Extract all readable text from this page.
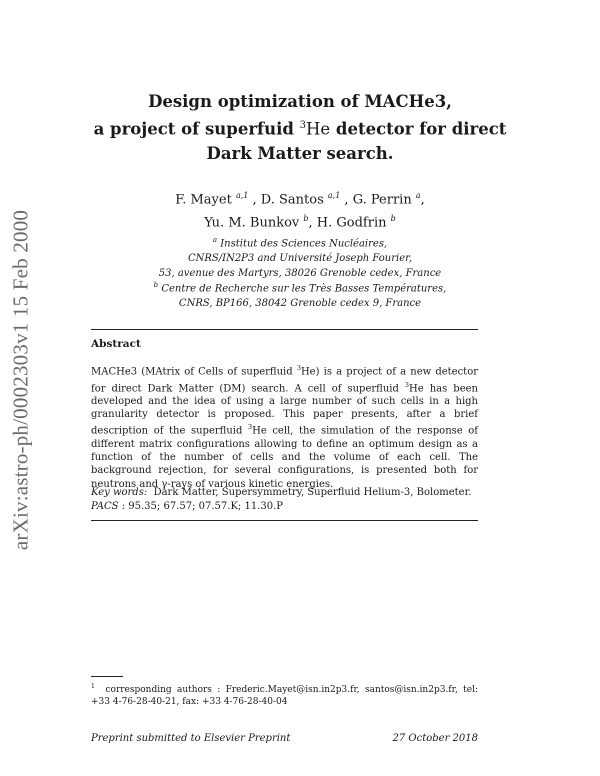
arXiv:astro-ph/0002303v1 15 Feb 2000
Design optimization of MACHe3,
a project of superfuid $^3$He detector for direct
Dark Matter search.
F. Mayet $^{a,1}$ , D. Santos $^{a,1}$ , G. Perrin $^a$,
Yu. M. Bunkov $^b$, H. Godfrin $^b$
$^a$ Institut des Sciences Nucléaires,
CNRS/IN2P3 and Université Joseph Fourier,
53, avenue des Martyrs, 38026 Grenoble cedex, France
$^b$ Centre de Recherche sur les Très Basses Températures,
CNRS, BP166, 38042 Grenoble cedex 9, France
Abstract
MACHe3 (MAtrix of Cells of superfluid $^3$He) is a project of a new detector for direct Dark Matter (DM) search. A cell of superfluid $^3$He has been developed and the idea of using a large number of such cells in a high granularity detector is proposed. This paper presents, after a brief description of the superfluid $^3$He cell, the simulation of the response of different matrix configurations allowing to define an optimum design as a function of the number of cells and the volume of each cell. The background rejection, for several configurations, is presented both for neutrons and γ-rays of various kinetic energies.
Key words: Dark Matter, Supersymmetry, Superfluid Helium-3, Bolometer.
PACS : 95.35; 67.57; 07.57.K; 11.30.P
$^1$ corresponding authors : Frederic.Mayet@isn.in2p3.fr, santos@isn.in2p3.fr, tel: +33 4-76-28-40-21, fax: +33 4-76-28-40-04
Preprint submitted to Elsevier Preprint	27 October 2018
